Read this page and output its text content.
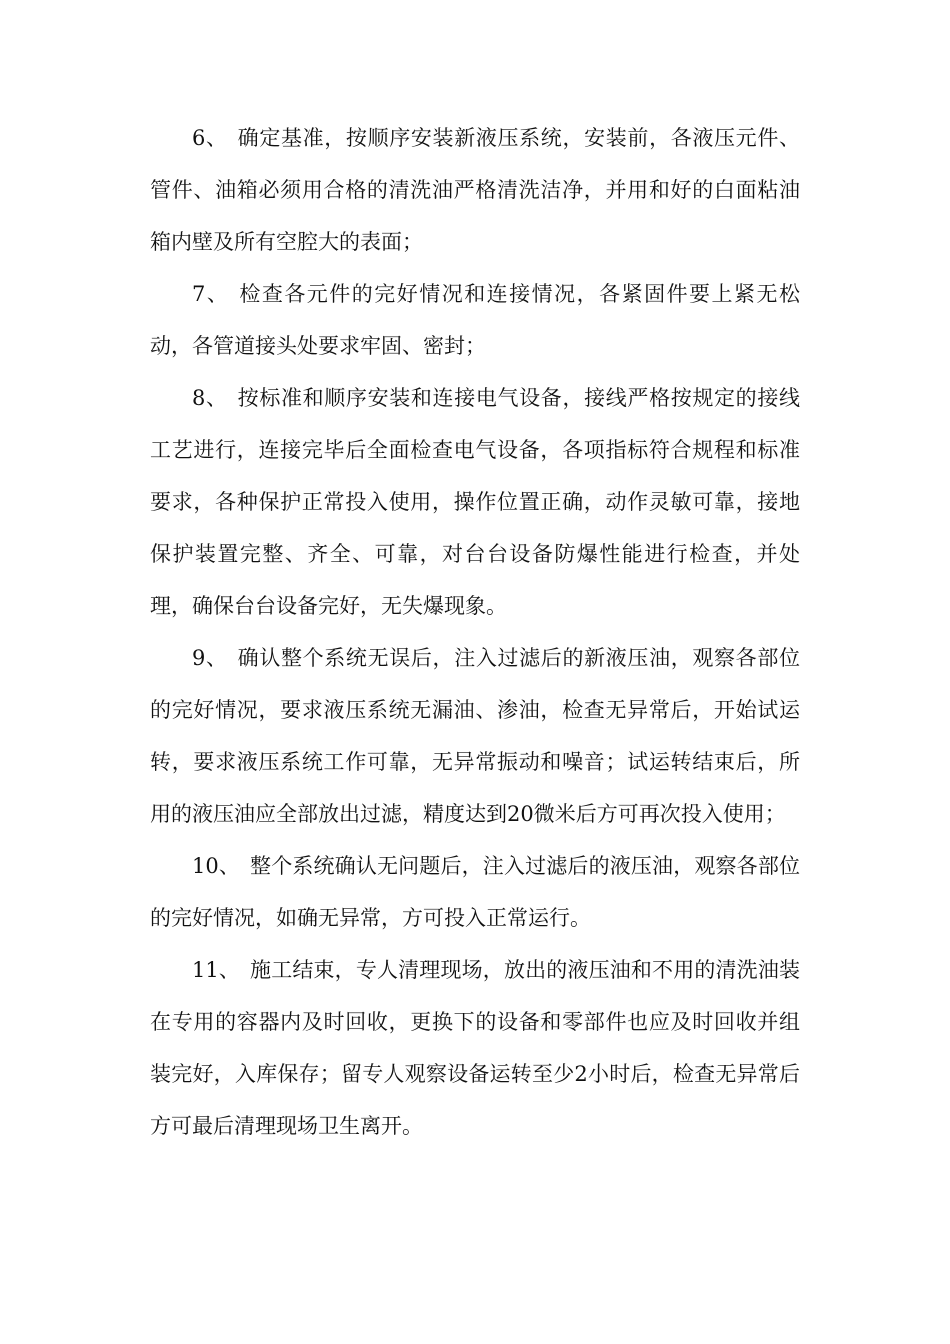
6、 确定基准，按顺序安装新液压系统，安装前，各液压元件、管件、油箱必须用合格的清洗油严格清洗洁净，并用和好的白面粘油箱内壁及所有空腔大的表面；

7、 检查各元件的完好情况和连接情况，各紧固件要上紧无松动，各管道接头处要求牢固、密封；

8、 按标准和顺序安装和连接电气设备，接线严格按规定的接线工艺进行，连接完毕后全面检查电气设备，各项指标符合规程和标准要求，各种保护正常投入使用，操作位置正确，动作灵敏可靠，接地保护装置完整、齐全、可靠，对台台设备防爆性能进行检查，并处理，确保台台设备完好，无失爆现象。

9、 确认整个系统无误后，注入过滤后的新液压油，观察各部位的完好情况，要求液压系统无漏油、渗油，检查无异常后，开始试运转，要求液压系统工作可靠，无异常振动和噪音；试运转结束后，所用的液压油应全部放出过滤，精度达到20微米后方可再次投入使用；

10、 整个系统确认无问题后，注入过滤后的液压油，观察各部位的完好情况，如确无异常，方可投入正常运行。

11、 施工结束，专人清理现场，放出的液压油和不用的清洗油装在专用的容器内及时回收，更换下的设备和零部件也应及时回收并组装完好，入库保存；留专人观察设备运转至少2小时后，检查无异常后方可最后清理现场卫生离开。
